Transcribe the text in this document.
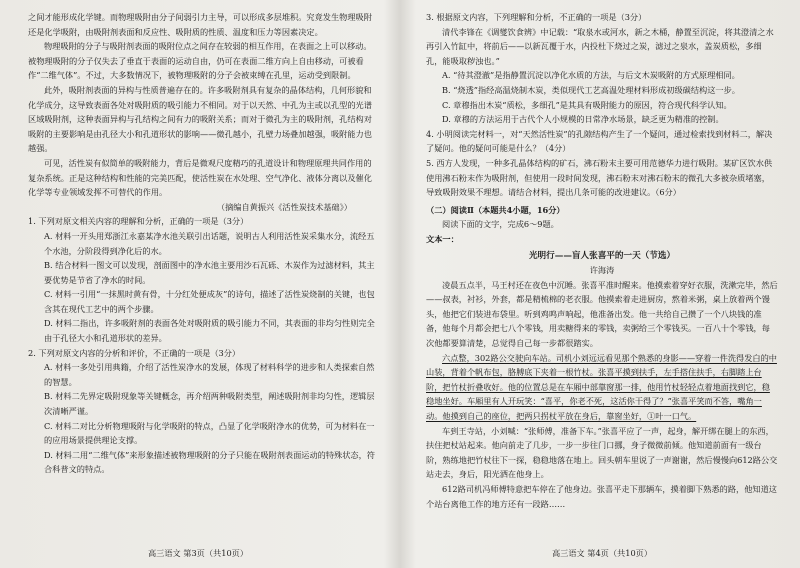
之间才能形成化学键。而物理吸附由分子间弱引力主导，可以形成多层堆积。究竟发生物理吸附还是化学吸附，由吸附剂表面和反应性、吸附质的性质、温度和压力等因素决定。

物理吸附的分子与吸附剂表面的吸附位点之间存在较弱的相互作用，在表面之上可以移动。被物理吸附的分子仅失去了垂直于表面的运动自由，仍可在表面二维方向上自由移动，可被看作“二维气体”。不过，大多数情况下，被物理吸附的分子会被束缚在孔里，运动受到限制。

此外，吸附剂表面的异构与性质普遍存在的。许多吸附剂具有复杂的晶体结构，几何形貌和化学成分，这导致表面各处对吸附质的吸引能力不相同。对于以天然、中孔为主或以孔型的光谱区域吸附剂，这种表面异构与孔结构之间有力的吸附关系；而对于微孔为主的吸附剂，孔结构对吸附的主要影响是由孔径大小和孔道形状的影响——微孔越小，孔壁力场叠加越强，吸附能力也越强。

可见，活性炭有似简单的吸附能力，背后是微观尺度精巧的孔道设计和物理原理共同作用的复杂系统。正是这种结构和性能的完美匹配，使活性炭在水处理、空气净化、液体分离以及催化化学等专业领域发挥不可替代的作用。

（摘编自黄振兴《活性炭技术基础》）

1. 下列对原文相关内容的理解和分析，正确的一项是（3分）

A. 材料一开头用郑浙江永嘉某净水池关联引出话题，说明古人利用活性炭采集水分，流经五个水池，分阶段得到净化后的水。

B. 结合材料一图文可以发现，剖面图中的净水池主要用沙石瓦砾、木炭作为过滤材料，其主要优势是节省了净水的时间。

C. 材料一引用“一抹黑时黄有骨，十分红处便成灰”的诗句，描述了活性炭烧制的关键，也包含其在现代工艺中的两个步骤。

D. 材料二指出，许多吸附剂的表面各处对吸附质的吸引能力不同，其表面的非均匀性则完全由于孔径大小和孔道形状的差异。

2. 下列对原文内容的分析和评价，不正确的一项是（3分）

A. 材料一多处引用典籍，介绍了活性炭净水的发展，体现了材料科学的进步和人类探索自然的智慧。

B. 材料二先界定吸附现象等关键概念，再介绍两种吸附类型，阐述吸附剂非均匀性，逻辑层次清晰严谨。

C. 材料二对比分析物理吸附与化学吸附的特点，凸显了化学吸附净水的优势，可为材料在一的应用场景提供理论支撑。

D. 材料二用“二维气体”来形象描述被物理吸附的分子只能在吸附剂表面运动的特殊状态，符合科普文的特点。

高三语文 第3页（共10页）

3. 根据原文内容，下列理解和分析，不正确的一项是（3分）

清代李锋在《调燮饮食辨》中记载：“取泉水或河水，新之木桶，静置至沉淀，将其澄清之水再引入竹缸中，将前后——以新瓦覆于水，内投杜下烧过之炭，滤过之泉水，盖炭质松，多细孔，能吸取秽浊也。”

A. “待其澄澈”是指静置沉淀以净化水质的方法，与后文木炭吸附的方式原理相同。

B. “烧透”指经高温烧制木炭，类似现代工艺高温处理材料形成初级碳结构这一步。

C. 章穆指出木炭“质松，多细孔”是其具有吸附能力的原因，符合现代科学认知。

D. 章穆的方法运用于古代个人小规模的日常净水场景，缺乏更为精准的控制。

4. 小明阅读完材料一，对“天然活性炭”的孔隙结构产生了一个疑问，通过检索找到材料二，解决了疑问。他的疑问可能是什么？（4分）

5. 西方人发现，一种多孔晶体结构的矿石，沸石粉末主要可用范德华力进行吸附。某矿区饮水供使用沸石粉末作为吸附剂，但使用一段时间发现，沸石粉末对沸石粉末的微孔大多被杂质堵塞，导致吸附效果不理想。请结合材料，提出几条可能的改进建议。（6分）

（二）阅读Ⅱ（本题共4小题，16分）

阅读下面的文字，完成6～9题。

文本一：

光明行——盲人张喜平的一天（节选）

许海涛

凌晨五点半，马王村还在夜色中沉睡。张喜平准时醒来。他摸索着穿好衣服，洗漱完毕，然后——叔表，衬衫，外套，都是精梳棉的老衣服。他摸索着走进厨房，熬着米粥，桌上放着两个馒头，他把它们装进布袋里。听到鸡鸣声响起，他准备出发。他一共给自己攒了一个八块钱的准备，他每个月都会把七八个零钱，用卖糖得来的零钱，卖粥给三个零钱买。一百八十个零钱，每次他都要算清楚，总觉得自己每一步都很踏实。

六点整，302路公交驶向车站。司机小刘远远看见那个熟悉的身影——穿着一件洗得发白的中山装，背着个帆布包，胳膊底下夹着一根竹杖。张喜平摸到扶手，左手搭住扶手，右脚踏上台阶，把竹杖折叠收好。他的位置总是在车厢中部靠窗那一排，他用竹杖轻轻点着地面找到它，稳稳地坐好。车厢里有人开玩笑：“喜平，你老不死，这活你干得了？”张喜平笑而不答，嘴角一动。他摸到自己的座位，把两只拐杖平放在身后，靠窗坐好，①叶一口气。

车到王寺站，小刘喊：“张师傅，准备下车。”张喜平应了一声，起身，解开绑在腿上的东西，扶住把杖站起来。他向前走了几步，一步一步往门口挪，身子微微前倾。他知道前面有一级台阶，熟练地把竹杖往下一探，稳稳地落在地上。回头朝车里说了一声谢谢，然后慢慢向612路公交站走去，身后，阳光洒在他身上。

612路司机冯师傅特意把车停在了他身边。张喜平走下那辆车，摸着脚下熟悉的路，他知道这个站台离他工作的地方还有一段路……

高三语文 第4页（共10页）
